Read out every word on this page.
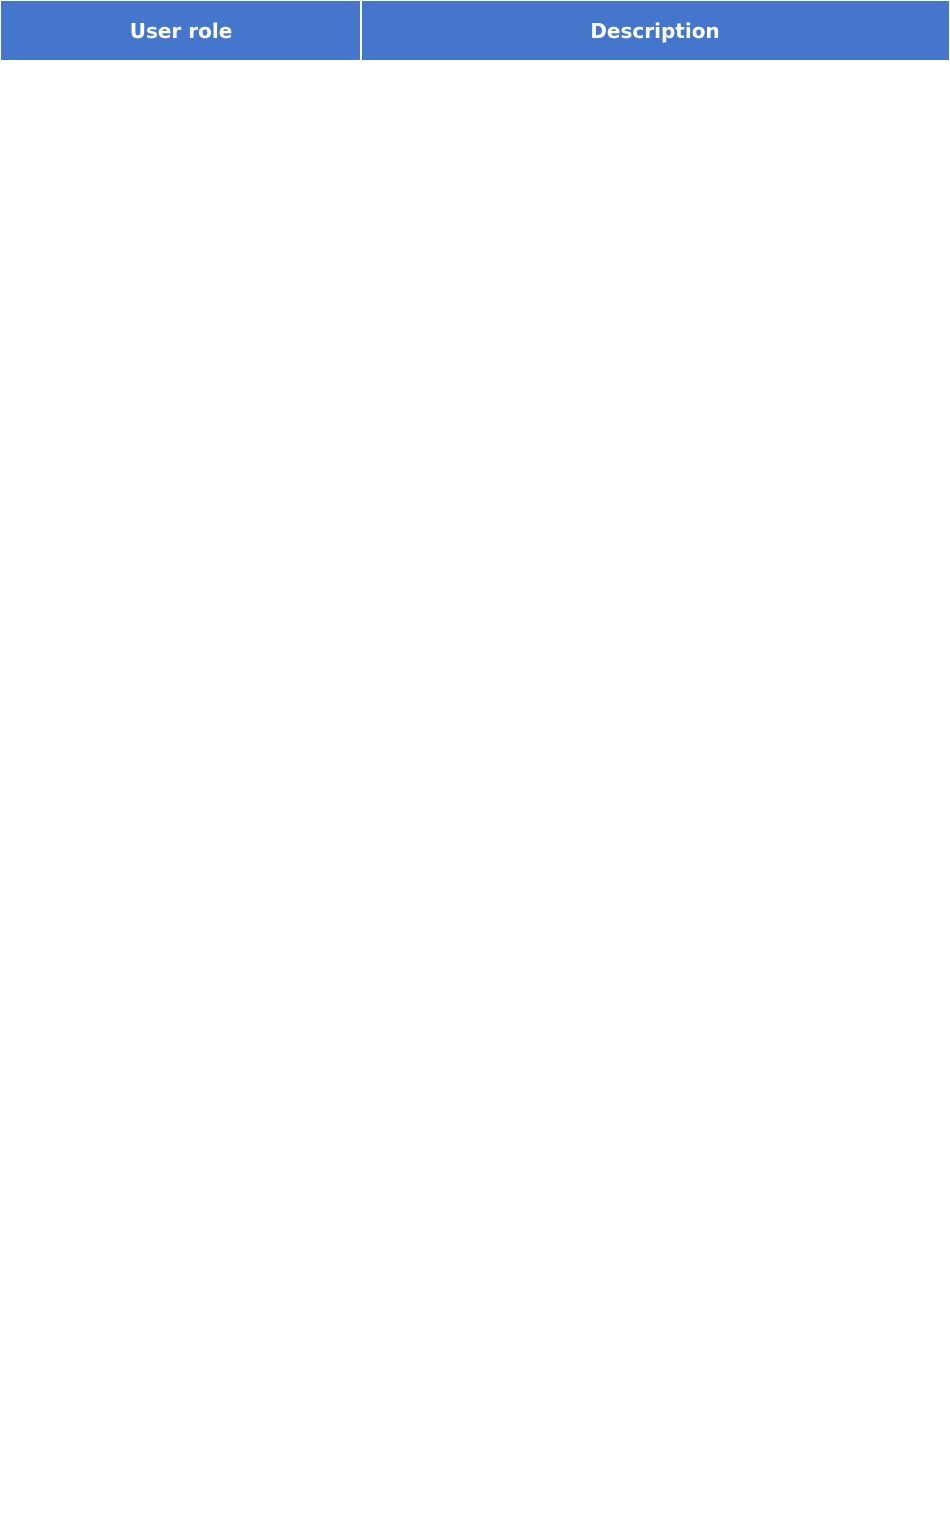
User role	Description
